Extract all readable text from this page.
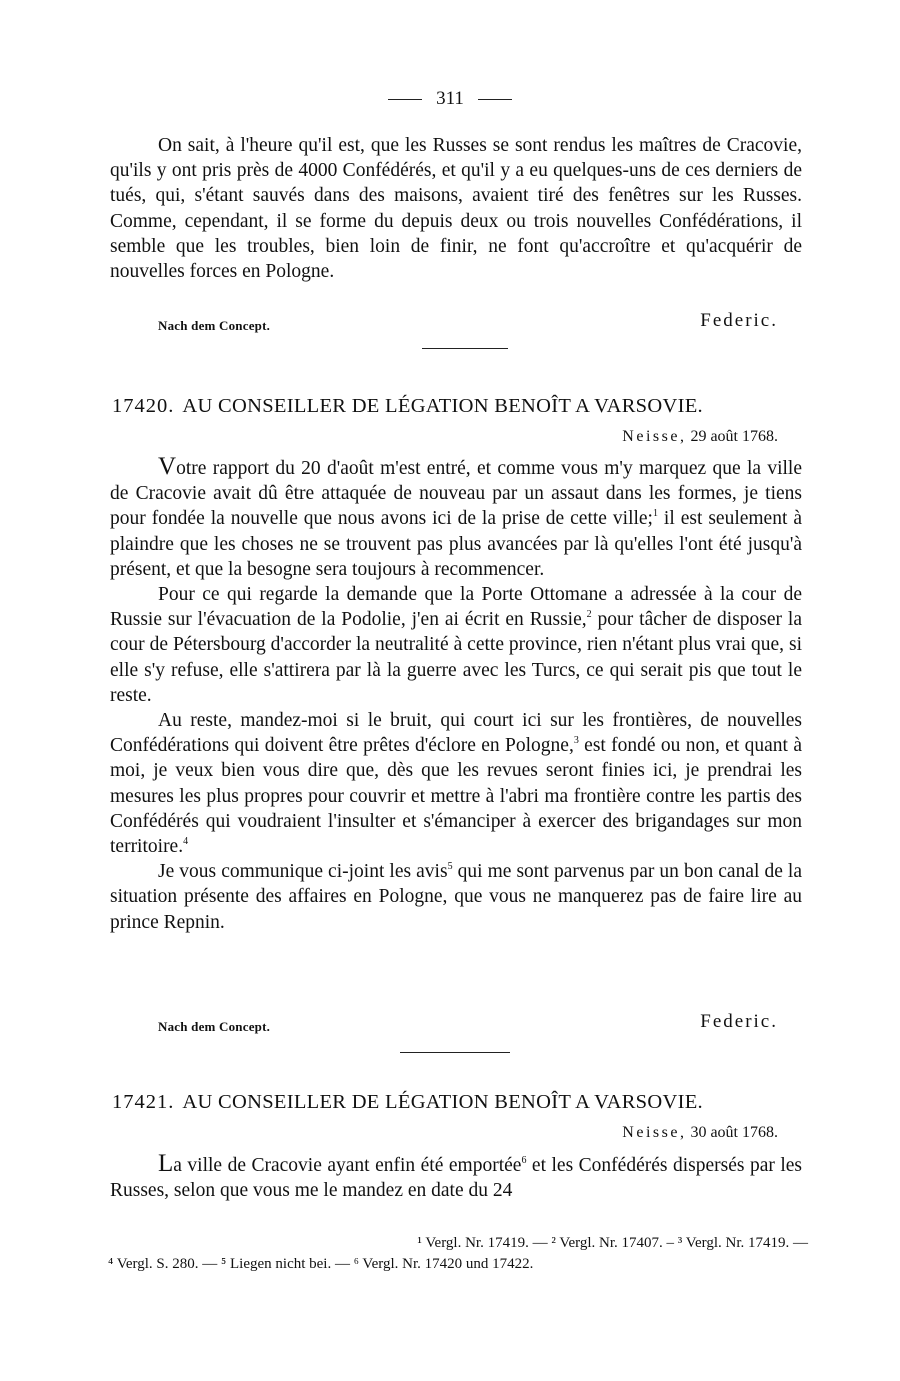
311

On sait, à l'heure qu'il est, que les Russes se sont rendus les maîtres de Cracovie, qu'ils y ont pris près de 4000 Confédérés, et qu'il y a eu quelques-uns de ces derniers de tués, qui, s'étant sauvés dans des maisons, avaient tiré des fenêtres sur les Russes. Comme, cependant, il se forme du depuis deux ou trois nouvelles Confédérations, il semble que les troubles, bien loin de finir, ne font qu'accroître et qu'acquérir de nouvelles forces en Pologne.

Nach dem Concept.	Federic.
17420. AU CONSEILLER DE LÉGATION BENOÎT A VARSOVIE.
Neisse, 29 août 1768.

Votre rapport du 20 d'août m'est entré, et comme vous m'y marquez que la ville de Cracovie avait dû être attaquée de nouveau par un assaut dans les formes, je tiens pour fondée la nouvelle que nous avons ici de la prise de cette ville;$^1$ il est seulement à plaindre que les choses ne se trouvent pas plus avancées par là qu'elles l'ont été jusqu'à présent, et que la besogne sera toujours à recommencer.

Pour ce qui regarde la demande que la Porte Ottomane a adressée à la cour de Russie sur l'évacuation de la Podolie, j'en ai écrit en Russie,$^2$ pour tâcher de disposer la cour de Pétersbourg d'accorder la neutralité à cette province, rien n'étant plus vrai que, si elle s'y refuse, elle s'attirera par là la guerre avec les Turcs, ce qui serait pis que tout le reste.

Au reste, mandez-moi si le bruit, qui court ici sur les frontières, de nouvelles Confédérations qui doivent être prêtes d'éclore en Pologne,$^3$ est fondé ou non, et quant à moi, je veux bien vous dire que, dès que les revues seront finies ici, je prendrai les mesures les plus propres pour couvrir et mettre à l'abri ma frontière contre les partis des Confédérés qui voudraient l'insulter et s'émanciper à exercer des brigandages sur mon territoire.$^4$

Je vous communique ci-joint les avis$^5$ qui me sont parvenus par un bon canal de la situation présente des affaires en Pologne, que vous ne manquerez pas de faire lire au prince Repnin.

Nach dem Concept.	Federic.
17421. AU CONSEILLER DE LÉGATION BENOÎT A VARSOVIE.
Neisse, 30 août 1768.

La ville de Cracovie ayant enfin été emportée$^6$ et les Confédérés dispersés par les Russes, selon que vous me le mandez en date du 24

¹ Vergl. Nr. 17419. — ² Vergl. Nr. 17407. – ³ Vergl. Nr. 17419. —
⁴ Vergl. S. 280. — ⁵ Liegen nicht bei. — ⁶ Vergl. Nr. 17420 und 17422.
